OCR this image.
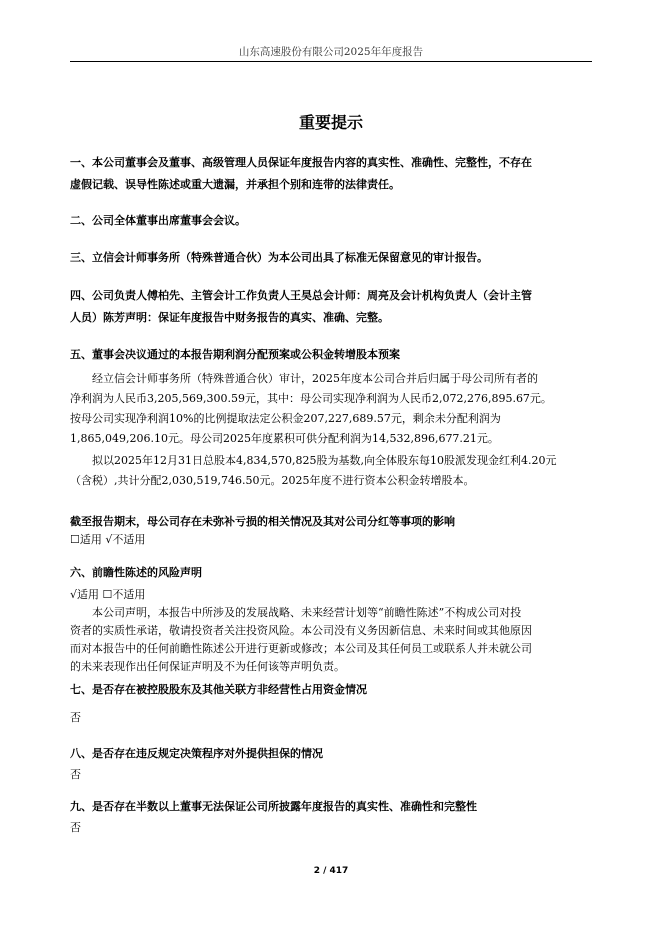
山东高速股份有限公司2025年年度报告
重要提示
一、本公司董事会及董事、高级管理人员保证年度报告内容的真实性、准确性、完整性，不存在
虚假记载、误导性陈述或重大遗漏，并承担个别和连带的法律责任。
二、公司全体董事出席董事会会议。
三、立信会计师事务所（特殊普通合伙）为本公司出具了标准无保留意见的审计报告。
四、公司负责人傅柏先、主管会计工作负责人王昊总会计师：周亮及会计机构负责人（会计主管
人员）陈芳声明：保证年度报告中财务报告的真实、准确、完整。
五、董事会决议通过的本报告期利润分配预案或公积金转增股本预案
经立信会计师事务所（特殊普通合伙）审计，2025年度本公司合并后归属于母公司所有者的
净利润为人民币3,205,569,300.59元，其中：母公司实现净利润为人民币2,072,276,895.67元。
按母公司实现净利润10%的比例提取法定公积金207,227,689.57元，剩余未分配利润为
1,865,049,206.10元。母公司2025年度累积可供分配利润为14,532,896,677.21元。
拟以2025年12月31日总股本4,834,570,825股为基数,向全体股东每10股派发现金红利4.20元
（含税）,共计分配2,030,519,746.50元。2025年度不进行资本公积金转增股本。
截至报告期末，母公司存在未弥补亏损的相关情况及其对公司分红等事项的影响
☐适用 √不适用
六、前瞻性陈述的风险声明
√适用 ☐不适用
本公司声明，本报告中所涉及的发展战略、未来经营计划等“前瞻性陈述”不构成公司对投
资者的实质性承诺，敬请投资者关注投资风险。本公司没有义务因新信息、未来时间或其他原因
而对本报告中的任何前瞻性陈述公开进行更新或修改；本公司及其任何员工或联系人并未就公司
的未来表现作出任何保证声明及不为任何该等声明负责。
七、是否存在被控股股东及其他关联方非经营性占用资金情况
否
八、是否存在违反规定决策程序对外提供担保的情况
否
九、是否存在半数以上董事无法保证公司所披露年度报告的真实性、准确性和完整性
否
2 / 417
